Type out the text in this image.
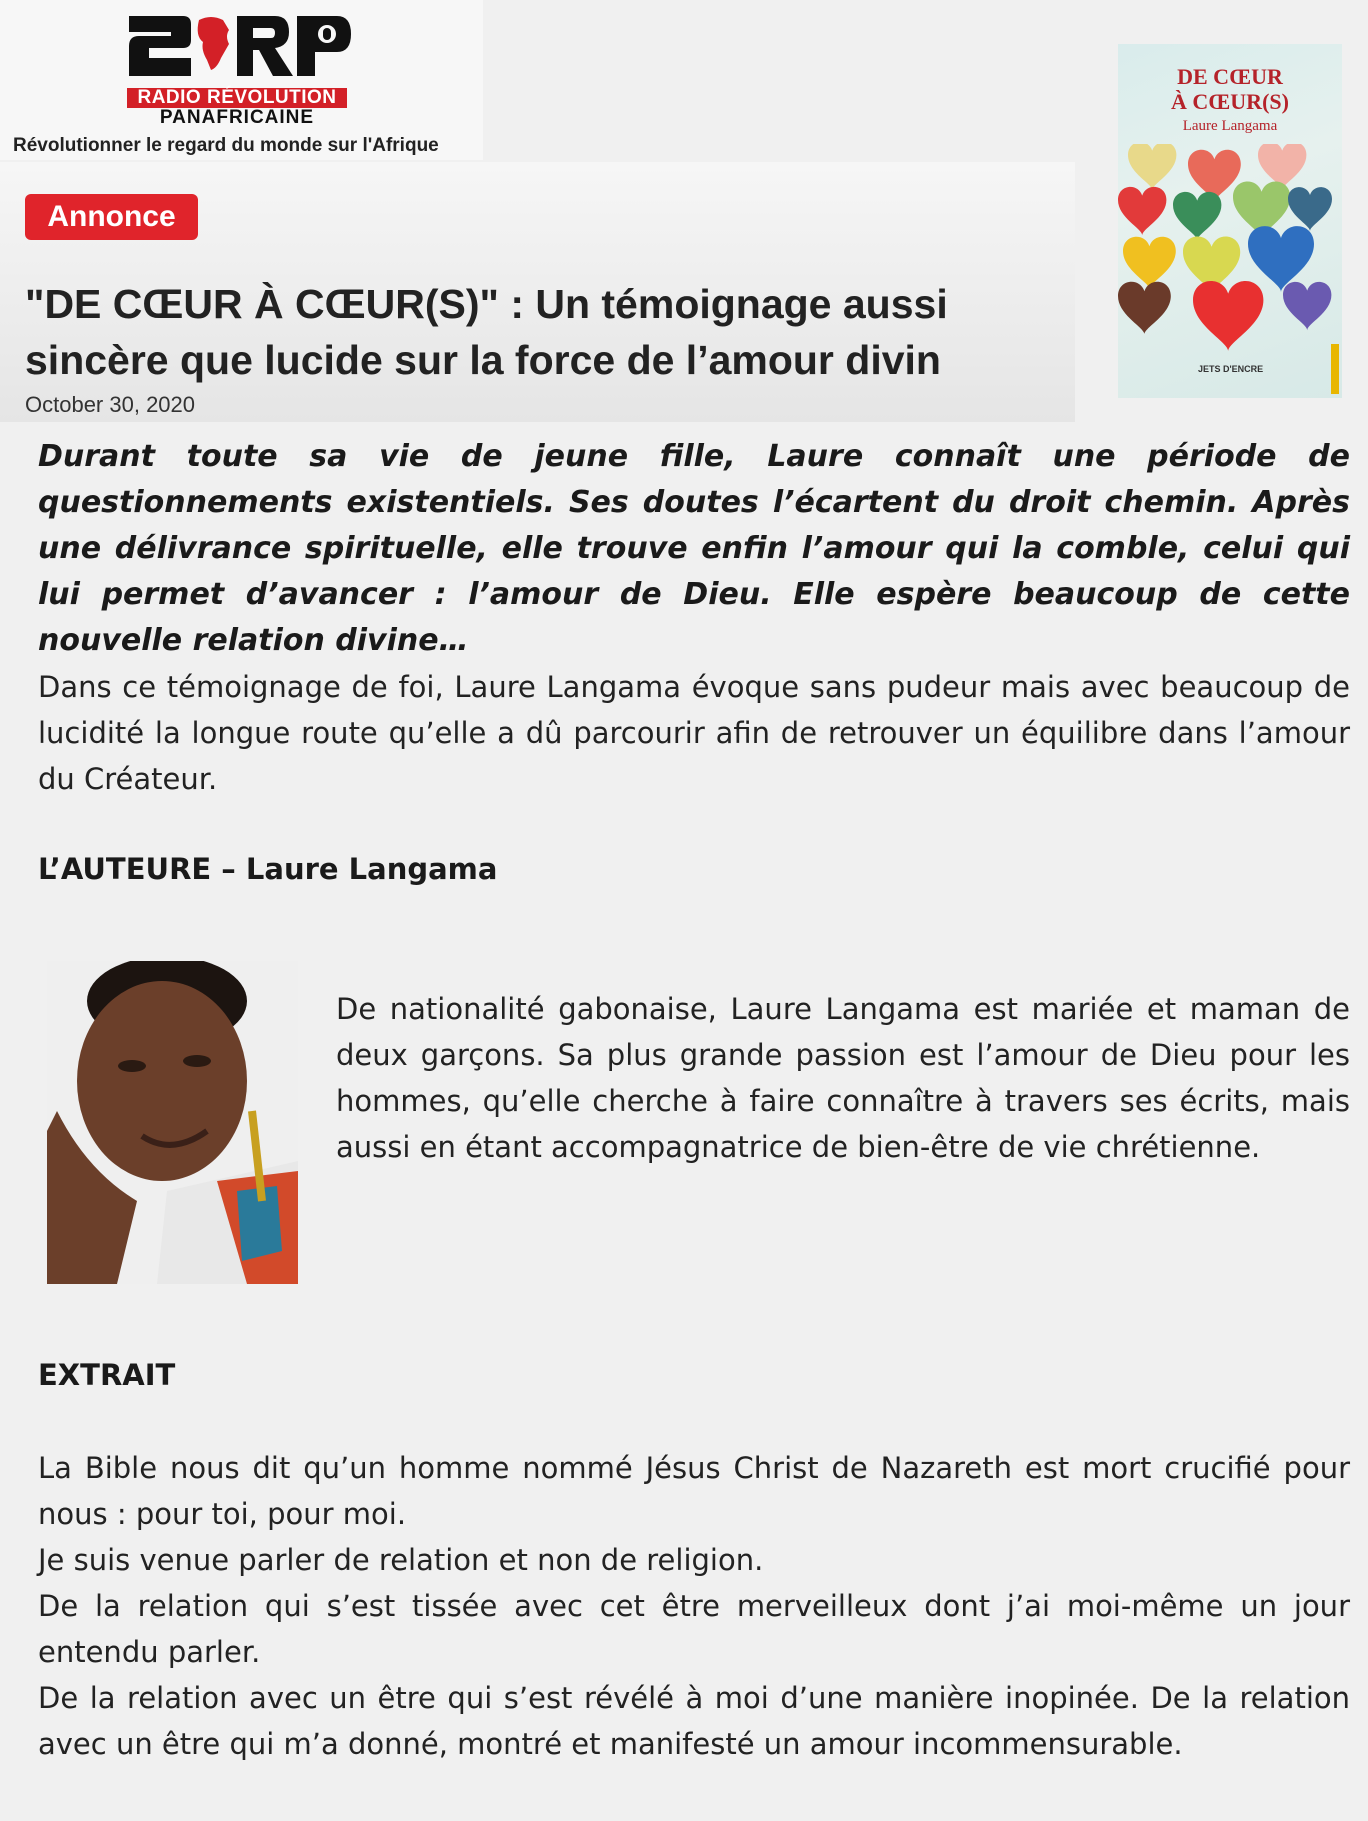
RADIO RÉVOLUTION
PANAFRICAINE
Révolutionner le regard du monde sur l'Afrique
Annonce
"DE CŒUR À CŒUR(S)" : Un témoignage aussi sincère que lucide sur la force de l’amour divin
October 30, 2020
DE CŒUR
À CŒUR(S)
Laure Langama
JETS D'ENCRE

Durant toute sa vie de jeune fille, Laure connaît une période de questionnements existentiels. Ses doutes l’écartent du droit chemin. Après une délivrance spirituelle, elle trouve enfin l’amour qui la comble, celui qui lui permet d’avancer : l’amour de Dieu. Elle espère beaucoup de cette nouvelle relation divine…

Dans ce témoignage de foi, Laure Langama évoque sans pudeur mais avec beaucoup de lucidité la longue route qu’elle a dû parcourir afin de retrouver un équilibre dans l’amour du Créateur.

L’AUTEURE – Laure Langama

De nationalité gabonaise, Laure Langama est mariée et maman de deux garçons. Sa plus grande passion est l’amour de Dieu pour les hommes, qu’elle cherche à faire connaître à travers ses écrits, mais aussi en étant accompagnatrice de bien-être de vie chrétienne.

EXTRAIT

La Bible nous dit qu’un homme nommé Jésus Christ de Nazareth est mort crucifié pour nous : pour toi, pour moi.
Je suis venue parler de relation et non de religion.
De la relation qui s’est tissée avec cet être merveilleux dont j’ai moi-même un jour entendu parler.
De la relation avec un être qui s’est révélé à moi d’une manière inopinée. De la relation avec un être qui m’a donné, montré et manifesté un amour incommensurable.
